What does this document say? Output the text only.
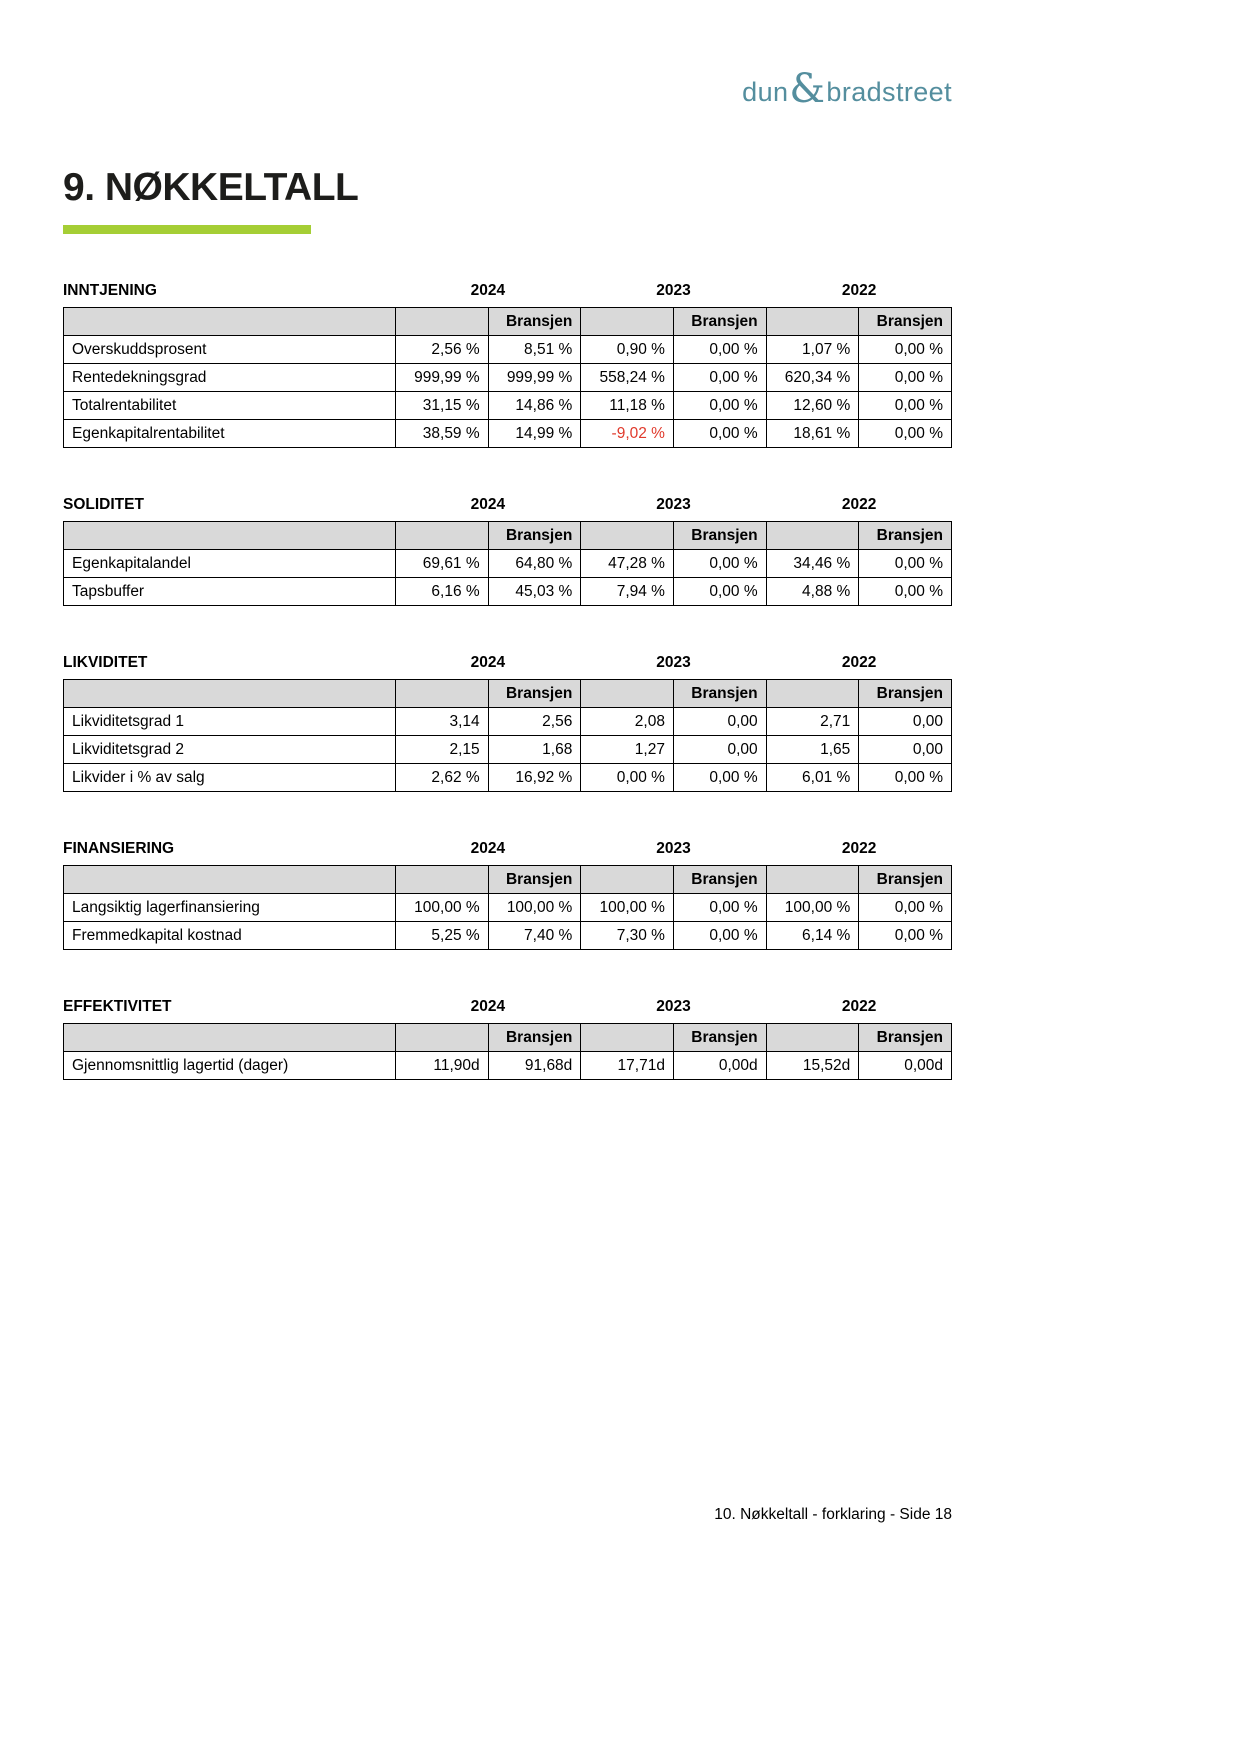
dun & bradstreet
9. NØKKELTALL
INNTJENING	2024	2023	2022
		Bransjen		Bransjen		Bransjen
Overskuddsprosent	2,56 %	8,51 %	0,90 %	0,00 %	1,07 %	0,00 %
Rentedekningsgrad	999,99 %	999,99 %	558,24 %	0,00 %	620,34 %	0,00 %
Totalrentabilitet	31,15 %	14,86 %	11,18 %	0,00 %	12,60 %	0,00 %
Egenkapitalrentabilitet	38,59 %	14,99 %	-9,02 %	0,00 %	18,61 %	0,00 %
SOLIDITET	2024	2023	2022
		Bransjen		Bransjen		Bransjen
Egenkapitalandel	69,61 %	64,80 %	47,28 %	0,00 %	34,46 %	0,00 %
Tapsbuffer	6,16 %	45,03 %	7,94 %	0,00 %	4,88 %	0,00 %
LIKVIDITET	2024	2023	2022
		Bransjen		Bransjen		Bransjen
Likviditetsgrad 1	3,14	2,56	2,08	0,00	2,71	0,00
Likviditetsgrad 2	2,15	1,68	1,27	0,00	1,65	0,00
Likvider i % av salg	2,62 %	16,92 %	0,00 %	0,00 %	6,01 %	0,00 %
FINANSIERING	2024	2023	2022
		Bransjen		Bransjen		Bransjen
Langsiktig lagerfinansiering	100,00 %	100,00 %	100,00 %	0,00 %	100,00 %	0,00 %
Fremmedkapital kostnad	5,25 %	7,40 %	7,30 %	0,00 %	6,14 %	0,00 %
EFFEKTIVITET	2024	2023	2022
		Bransjen		Bransjen		Bransjen
Gjennomsnittlig lagertid (dager)	11,90d	91,68d	17,71d	0,00d	15,52d	0,00d
10. Nøkkeltall - forklaring - Side 18
